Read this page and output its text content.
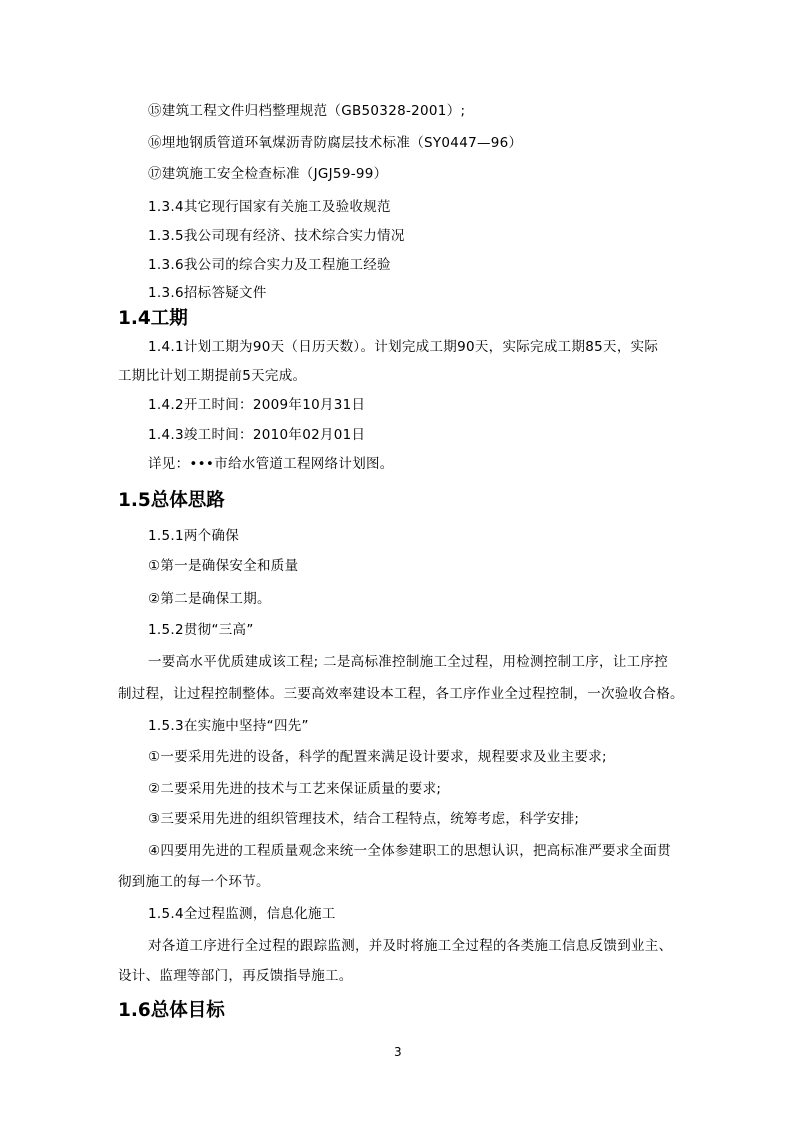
⑮建筑工程文件归档整理规范（GB50328-2001）;
⑯埋地钢质管道环氧煤沥青防腐层技术标准（SY0447—96）
⑰建筑施工安全检查标准（JGJ59-99）
1.3.4其它现行国家有关施工及验收规范
1.3.5我公司现有经济、技术综合实力情况
1.3.6我公司的综合实力及工程施工经验
1.3.6招标答疑文件
1.4工期
1.4.1计划工期为90天（日历天数）。计划完成工期90天，实际完成工期85天，实际
工期比计划工期提前5天完成。
1.4.2开工时间：2009年10月31日
1.4.3竣工时间：2010年02月01日
详见：•••市给水管道工程网络计划图。
1.5总体思路
1.5.1两个确保
①第一是确保安全和质量
②第二是确保工期。
1.5.2贯彻“三高”
一要高水平优质建成该工程; 二是高标准控制施工全过程，用检测控制工序，让工序控
制过程，让过程控制整体。三要高效率建设本工程，各工序作业全过程控制，一次验收合格。
1.5.3在实施中坚持“四先”
①一要采用先进的设备，科学的配置来满足设计要求，规程要求及业主要求;
②二要采用先进的技术与工艺来保证质量的要求;
③三要采用先进的组织管理技术，结合工程特点，统筹考虑，科学安排;
④四要用先进的工程质量观念来统一全体参建职工的思想认识，把高标准严要求全面贯
彻到施工的每一个环节。
1.5.4全过程监测，信息化施工
对各道工序进行全过程的跟踪监测，并及时将施工全过程的各类施工信息反馈到业主、
设计、监理等部门，再反馈指导施工。
1.6总体目标
3
